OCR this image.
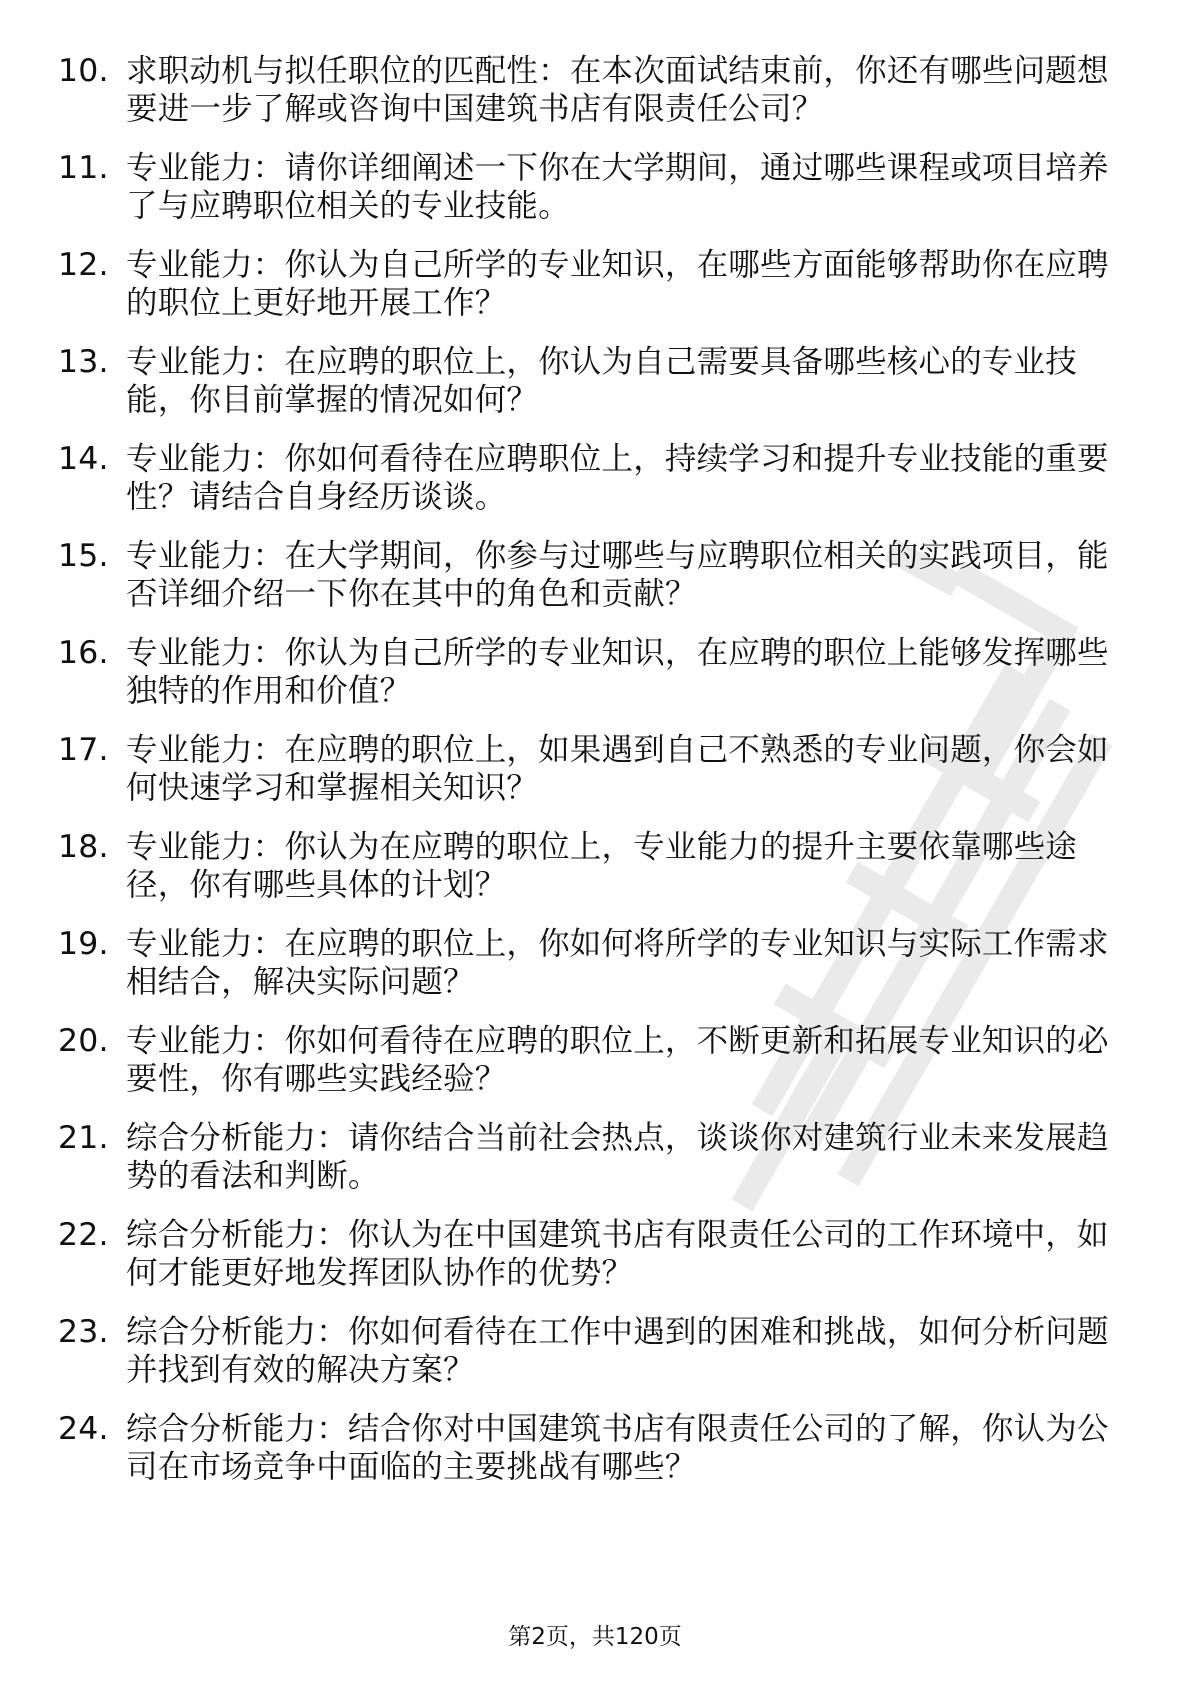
10. 求职动机与拟任职位的匹配性：在本次面试结束前，你还有哪些问题想要进一步了解或咨询中国建筑书店有限责任公司？
11. 专业能力：请你详细阐述一下你在大学期间，通过哪些课程或项目培养了与应聘职位相关的专业技能。
12. 专业能力：你认为自己所学的专业知识，在哪些方面能够帮助你在应聘的职位上更好地开展工作？
13. 专业能力：在应聘的职位上，你认为自己需要具备哪些核心的专业技能，你目前掌握的情况如何？
14. 专业能力：你如何看待在应聘职位上，持续学习和提升专业技能的重要性？请结合自身经历谈谈。
15. 专业能力：在大学期间，你参与过哪些与应聘职位相关的实践项目，能否详细介绍一下你在其中的角色和贡献？
16. 专业能力：你认为自己所学的专业知识，在应聘的职位上能够发挥哪些独特的作用和价值？
17. 专业能力：在应聘的职位上，如果遇到自己不熟悉的专业问题，你会如何快速学习和掌握相关知识？
18. 专业能力：你认为在应聘的职位上，专业能力的提升主要依靠哪些途径，你有哪些具体的计划？
19. 专业能力：在应聘的职位上，你如何将所学的专业知识与实际工作需求相结合，解决实际问题？
20. 专业能力：你如何看待在应聘的职位上，不断更新和拓展专业知识的必要性，你有哪些实践经验？
21. 综合分析能力：请你结合当前社会热点，谈谈你对建筑行业未来发展趋势的看法和判断。
22. 综合分析能力：你认为在中国建筑书店有限责任公司的工作环境中，如何才能更好地发挥团队协作的优势？
23. 综合分析能力：你如何看待在工作中遇到的困难和挑战，如何分析问题并找到有效的解决方案？
24. 综合分析能力：结合你对中国建筑书店有限责任公司的了解，你认为公司在市场竞争中面临的主要挑战有哪些？
第2页，共120页
